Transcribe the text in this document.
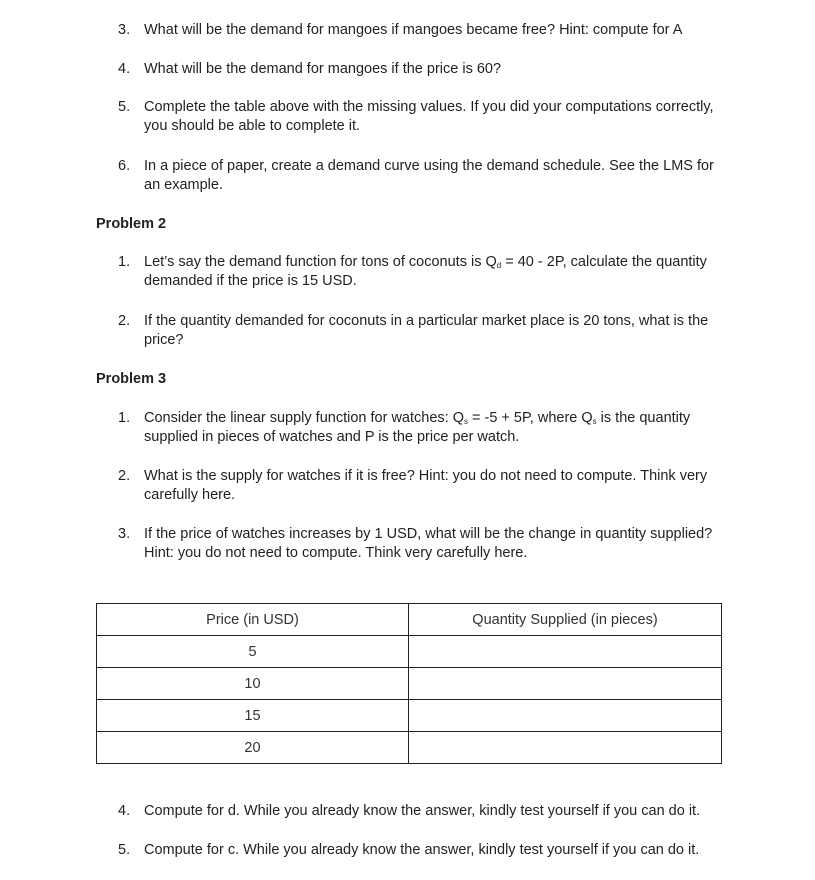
3. What will be the demand for mangoes if mangoes became free? Hint: compute for A
4. What will be the demand for mangoes if the price is 60?
5. Complete the table above with the missing values. If you did your computations correctly, you should be able to complete it.
6. In a piece of paper, create a demand curve using the demand schedule. See the LMS for an example.
Problem 2
1. Let’s say the demand function for tons of coconuts is $Q_d = 40 - 2P$, calculate the quantity demanded if the price is 15 USD.
2. If the quantity demanded for coconuts in a particular market place is 20 tons, what is the price?
Problem 3
1. Consider the linear supply function for watches: $Q_s = -5 + 5P$, where $Q_s$ is the quantity supplied in pieces of watches and P is the price per watch.
2. What is the supply for watches if it is free? Hint: you do not need to compute. Think very carefully here.
3. If the price of watches increases by 1 USD, what will be the change in quantity supplied? Hint: you do not need to compute. Think very carefully here.
Price (in USD)	Quantity Supplied (in pieces)
5	
10	
15	
20	
4. Compute for d. While you already know the answer, kindly test yourself if you can do it.
5. Compute for c. While you already know the answer, kindly test yourself if you can do it.
